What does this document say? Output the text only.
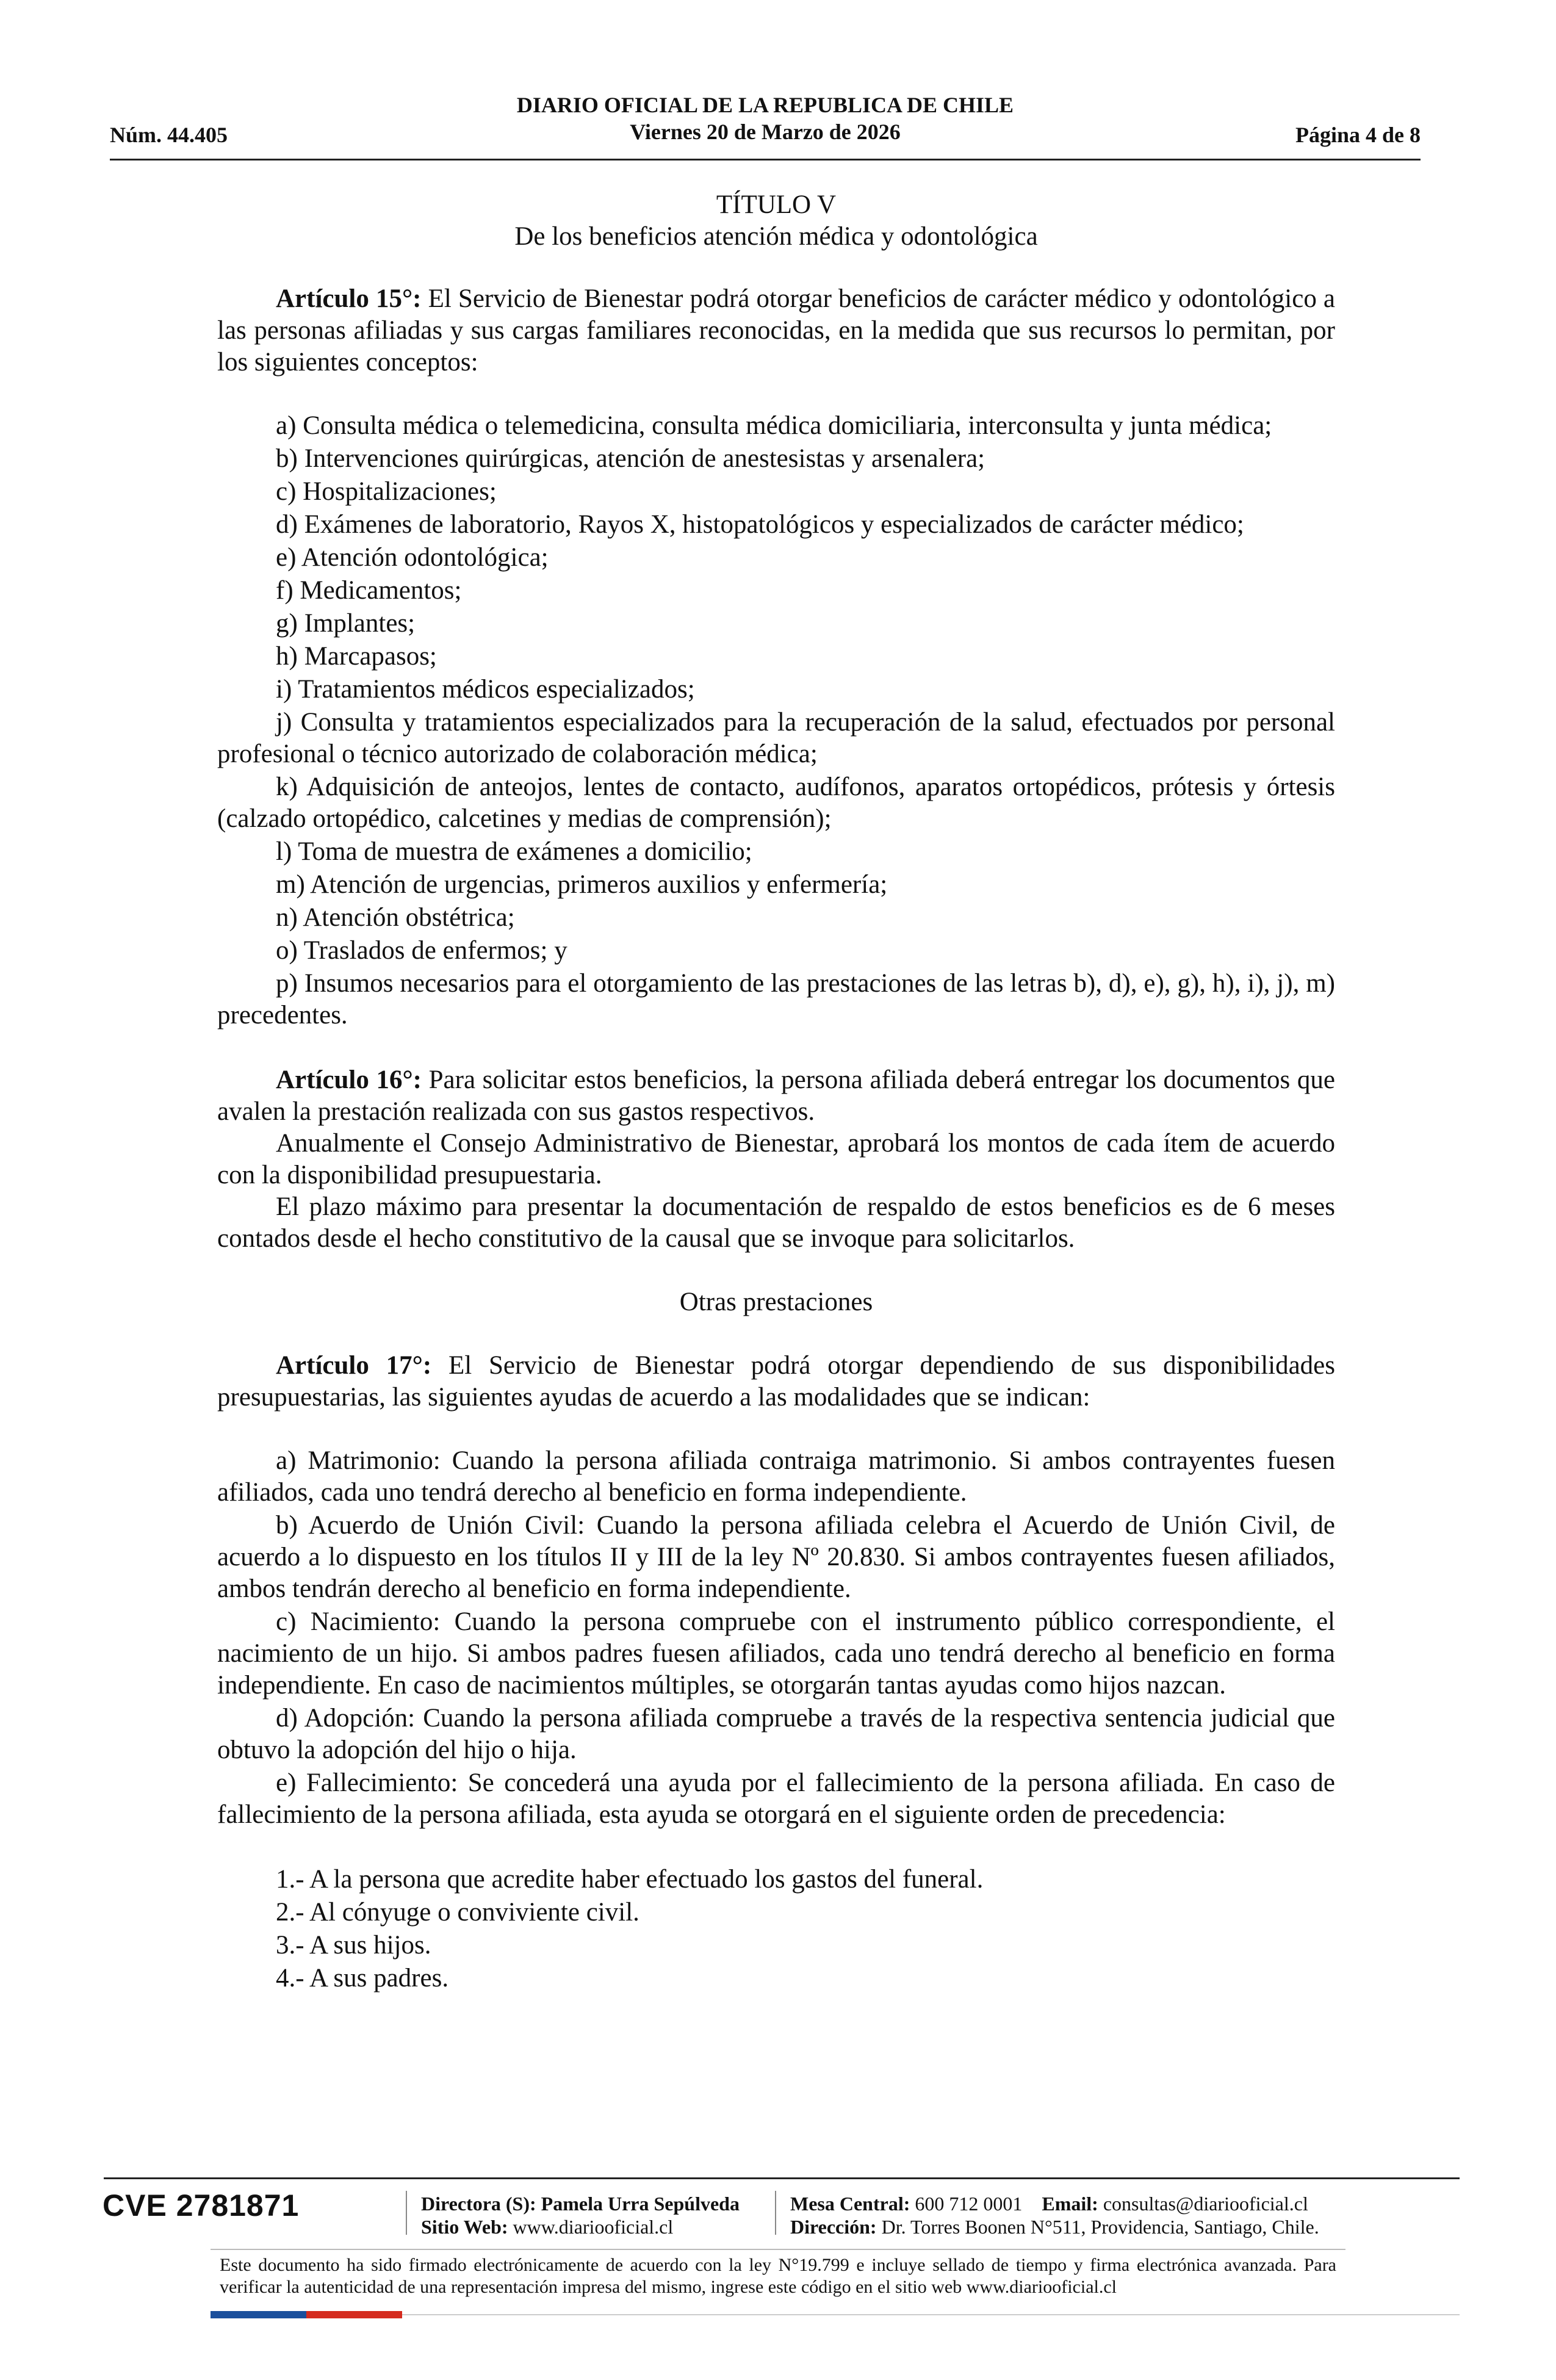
DIARIO OFICIAL DE LA REPUBLICA DE CHILE
Viernes 20 de Marzo de 2026
Núm. 44.405	Página 4 de 8
TÍTULO V
De los beneficios atención médica y odontológica

Artículo 15°: El Servicio de Bienestar podrá otorgar beneficios de carácter médico y odontológico a las personas afiliadas y sus cargas familiares reconocidas, en la medida que sus recursos lo permitan, por los siguientes conceptos:

a) Consulta médica o telemedicina, consulta médica domiciliaria, interconsulta y junta médica;

b) Intervenciones quirúrgicas, atención de anestesistas y arsenalera;

c) Hospitalizaciones;

d) Exámenes de laboratorio, Rayos X, histopatológicos y especializados de carácter médico;

e) Atención odontológica;

f) Medicamentos;

g) Implantes;

h) Marcapasos;

i) Tratamientos médicos especializados;

j) Consulta y tratamientos especializados para la recuperación de la salud, efectuados por personal profesional o técnico autorizado de colaboración médica;

k) Adquisición de anteojos, lentes de contacto, audífonos, aparatos ortopédicos, prótesis y órtesis (calzado ortopédico, calcetines y medias de comprensión);

l) Toma de muestra de exámenes a domicilio;

m) Atención de urgencias, primeros auxilios y enfermería;

n) Atención obstétrica;

o) Traslados de enfermos; y

p) Insumos necesarios para el otorgamiento de las prestaciones de las letras b), d), e), g), h), i), j), m) precedentes.

Artículo 16°: Para solicitar estos beneficios, la persona afiliada deberá entregar los documentos que avalen la prestación realizada con sus gastos respectivos.

Anualmente el Consejo Administrativo de Bienestar, aprobará los montos de cada ítem de acuerdo con la disponibilidad presupuestaria.

El plazo máximo para presentar la documentación de respaldo de estos beneficios es de 6 meses contados desde el hecho constitutivo de la causal que se invoque para solicitarlos.

Otras prestaciones

Artículo 17°: El Servicio de Bienestar podrá otorgar dependiendo de sus disponibilidades presupuestarias, las siguientes ayudas de acuerdo a las modalidades que se indican:

a) Matrimonio: Cuando la persona afiliada contraiga matrimonio. Si ambos contrayentes fuesen afiliados, cada uno tendrá derecho al beneficio en forma independiente.

b) Acuerdo de Unión Civil: Cuando la persona afiliada celebra el Acuerdo de Unión Civil, de acuerdo a lo dispuesto en los títulos II y III de la ley Nº 20.830. Si ambos contrayentes fuesen afiliados, ambos tendrán derecho al beneficio en forma independiente.

c) Nacimiento: Cuando la persona compruebe con el instrumento público correspondiente, el nacimiento de un hijo. Si ambos padres fuesen afiliados, cada uno tendrá derecho al beneficio en forma independiente. En caso de nacimientos múltiples, se otorgarán tantas ayudas como hijos nazcan.

d) Adopción: Cuando la persona afiliada compruebe a través de la respectiva sentencia judicial que obtuvo la adopción del hijo o hija.

e) Fallecimiento: Se concederá una ayuda por el fallecimiento de la persona afiliada. En caso de fallecimiento de la persona afiliada, esta ayuda se otorgará en el siguiente orden de precedencia:

1.- A la persona que acredite haber efectuado los gastos del funeral.

2.- Al cónyuge o conviviente civil.

3.- A sus hijos.

4.- A sus padres.

CVE 2781871	Directora (S): Pamela Urra Sepúlveda
Sitio Web: www.diariooficial.cl
Mesa Central: 600 712 0001 Email: consultas@diariooficial.cl
Dirección: Dr. Torres Boonen N°511, Providencia, Santiago, Chile.
Este documento ha sido firmado electrónicamente de acuerdo con la ley N°19.799 e incluye sellado de tiempo y firma electrónica avanzada. Para verificar la autenticidad de una representación impresa del mismo, ingrese este código en el sitio web www.diariooficial.cl
